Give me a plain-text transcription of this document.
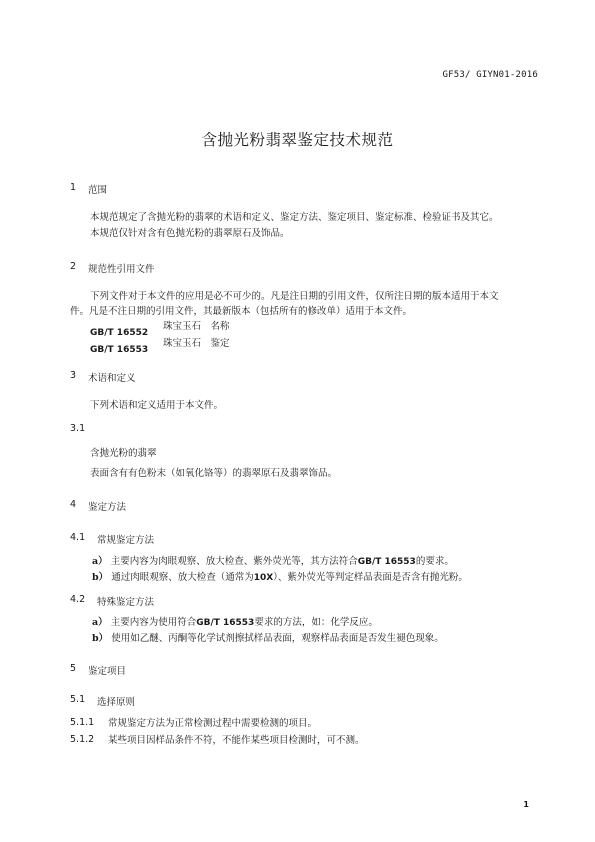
GF53/ GIYN01-2016
含抛光粉翡翠鉴定技术规范
1 范围
本规范规定了含抛光粉的翡翠的术语和定义、鉴定方法、鉴定项目、鉴定标准、检验证书及其它。
本规范仅针对含有色抛光粉的翡翠原石及饰品。
2 规范性引用文件
下列文件对于本文件的应用是必不可少的。凡是注日期的引用文件，仅所注日期的版本适用于本文
件。凡是不注日期的引用文件，其最新版本（包括所有的修改单）适用于本文件。
GB/T 16552
珠宝玉石　名称
GB/T 16553
珠宝玉石　鉴定
3 术语和定义
下列术语和定义适用于本文件。
3.1
含抛光粉的翡翠
表面含有有色粉末（如氧化铬等）的翡翠原石及翡翠饰品。
4 鉴定方法
4.1 常规鉴定方法
a） 主要内容为肉眼观察、放大检查、紫外荧光等，其方法符合GB/T 16553的要求。
b） 通过肉眼观察、放大检查（通常为10X）、紫外荧光等判定样品表面是否含有抛光粉。
4.2 特殊鉴定方法
a） 主要内容为使用符合GB/T 16553要求的方法，如：化学反应。
b） 使用如乙醚、丙酮等化学试剂擦拭样品表面，观察样品表面是否发生褪色现象。
5 鉴定项目
5.1 选择原则
5.1.1 常规鉴定方法为正常检测过程中需要检测的项目。
5.1.2 某些项目因样品条件不符，不能作某些项目检测时，可不测。
1
